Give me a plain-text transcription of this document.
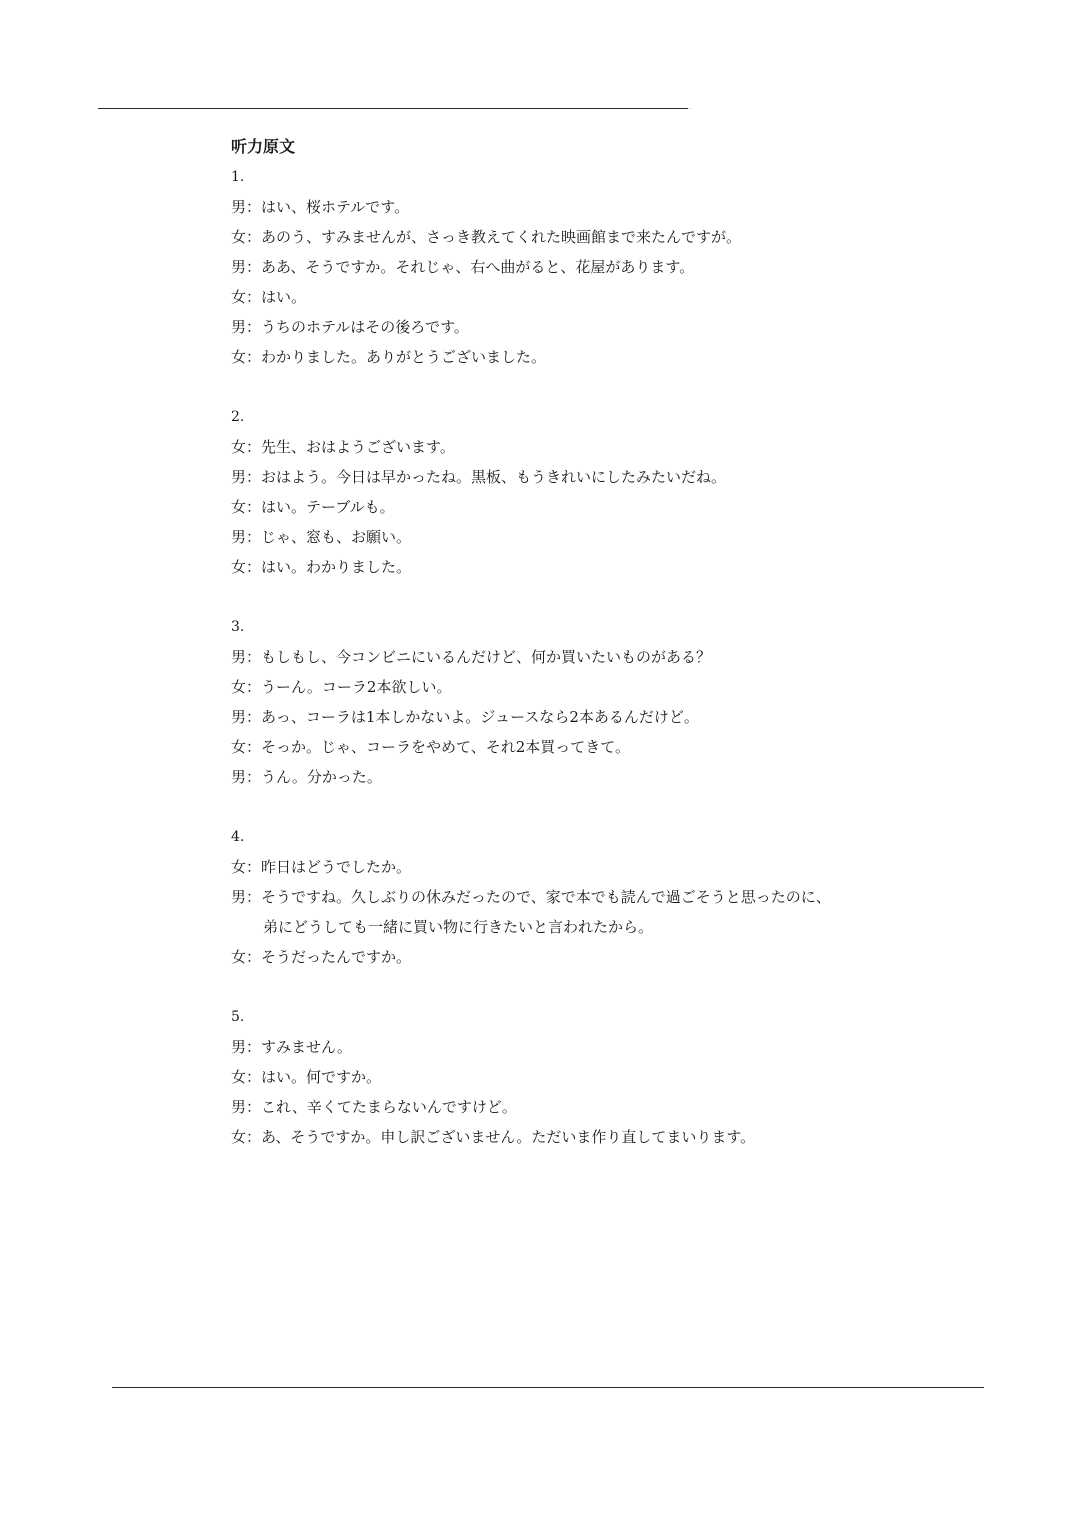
听力原文
1.
男 ： はい、桜ホテルです。
女 ： あのう、すみませんが、さっき教えてくれた映画館まで来たんですが。
男 ： ああ、そうですか。それじゃ、右へ曲がると、花屋があります。
女 ： はい。
男 ： うちのホテルはその後ろです。
女 ： わかりました。ありがとうございました。
2.
女 ： 先生、おはようございます。
男 ： おはよう。今日は早かったね。黒板、もうきれいにしたみたいだね。
女 ： はい。テーブルも。
男 ： じゃ、窓も、お願い。
女 ： はい。わかりました。
3.
男 ： もしもし、今コンビニにいるんだけど、何か買いたいものがある？
女 ： うーん。コーラ2本欲しい。
男 ： あっ、コーラは1本しかないよ。ジュースなら2本あるんだけど。
女 ： そっか。じゃ、コーラをやめて、それ2本買ってきて。
男 ： うん。分かった。
4.
女 ： 昨日はどうでしたか。
男 ： そうですね。久しぶりの休みだったので、家で本でも読んで過ごそうと思ったのに、
弟にどうしても一緒に買い物に行きたいと言われたから。
女 ： そうだったんですか。
5.
男 ： すみません。
女 ： はい。何ですか。
男 ： これ、辛くてたまらないんですけど。
女 ： あ、そうですか。申し訳ございません。ただいま作り直してまいります。
